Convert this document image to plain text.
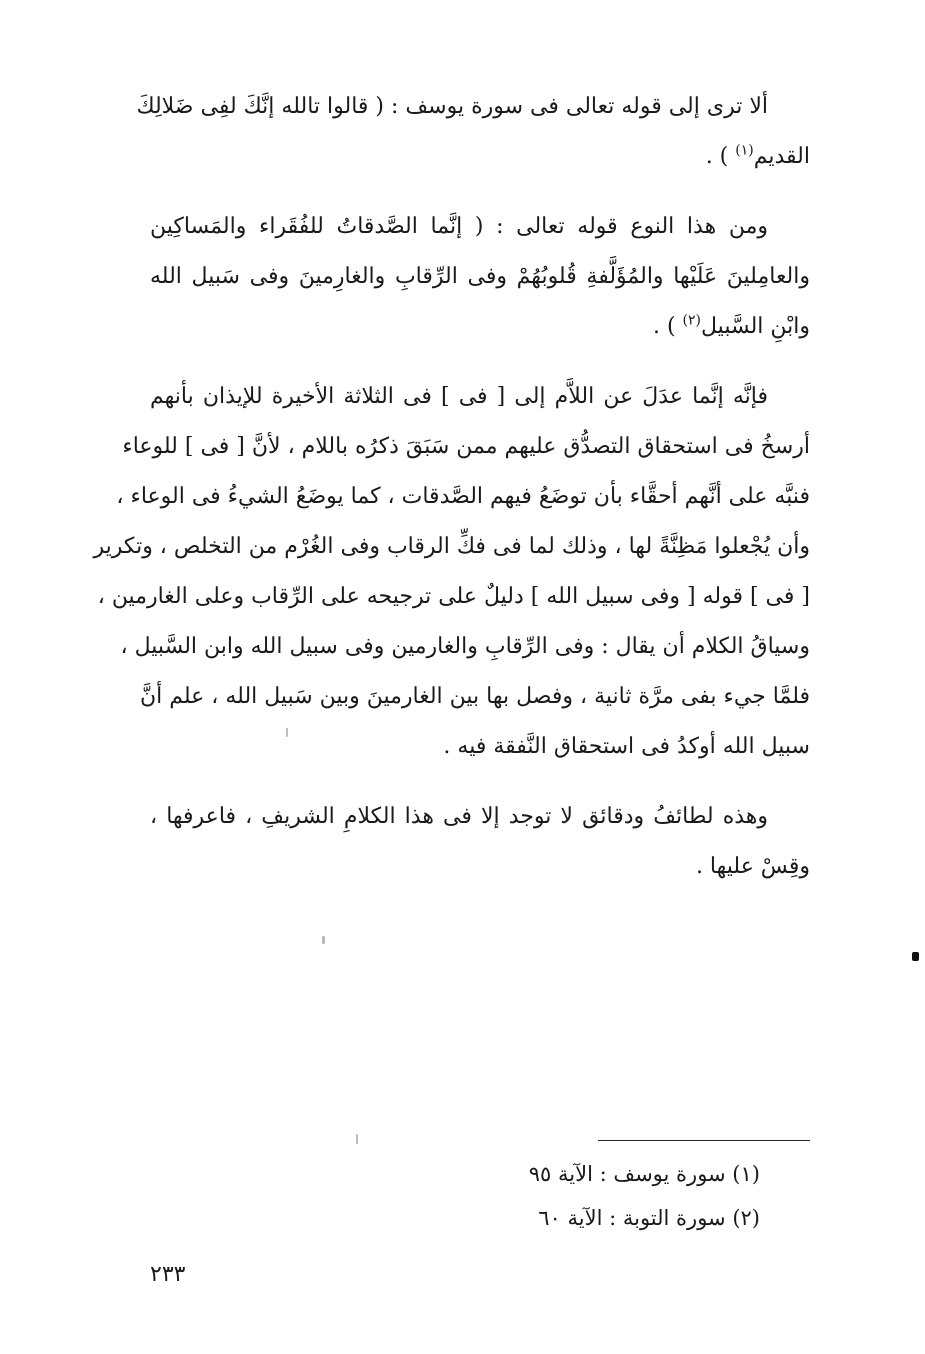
ألا ترى إلى قوله تعالى فى سورة يوسف : ( قالوا تالله إنَّكَ لفِى ضَلالِكَ
القديم$^{(١)}$ ) .

ومن هذا النوع قوله تعالى : ( إنَّما الصَّدقاتُ للفُقَراء والمَساكِين
والعامِلينَ عَلَيْها والمُؤَلَّفةِ قُلوبُهُمْ وفى الرِّقابِ والغارِمينَ وفى سَبيل الله
وابْنِ السَّبيل$^{(٢)}$ ) .

فإنَّه إنَّما عدَلَ عن اللاَّم إلى [ فى ] فى الثلاثة الأخيرة للإيذان بأنهم
أرسخُ فى استحقاق التصدُّق عليهم ممن سَبَقَ ذكرُه باللام ، لأنَّ [ فى ] للوعاء
فنبَّه على أنَّهم أحقَّاء بأن توضَعُ فيهم الصَّدقات ، كما يوضَعُ الشيءُ فى الوعاء ،
وأن يُجْعلوا مَظِنَّةً لها ، وذلك لما فى فكِّ الرقاب وفى الغُرْم من التخلص ، وتكرير
[ فى ] قوله [ وفى سبيل الله ] دليلٌ على ترجيحه على الرِّقاب وعلى الغارمين ،
وسياقُ الكلام أن يقال : وفى الرِّقابِ والغارمين وفى سبيل الله وابن السَّبيل ،
فلمَّا جيء بفى مرَّة ثانية ، وفصل بها بين الغارمينَ وبين سَبيل الله ، علم أنَّ
سبيل الله أوكدُ فى استحقاق النَّفقة فيه .

وهذه لطائفُ ودقائق لا توجد إلا فى هذا الكلامِ الشريفِ ، فاعرفها ،
وقِسْ عليها .

(١) سورة يوسف : الآية ٩٥
(٢) سورة التوبة : الآية ٦٠
٢٣٣
